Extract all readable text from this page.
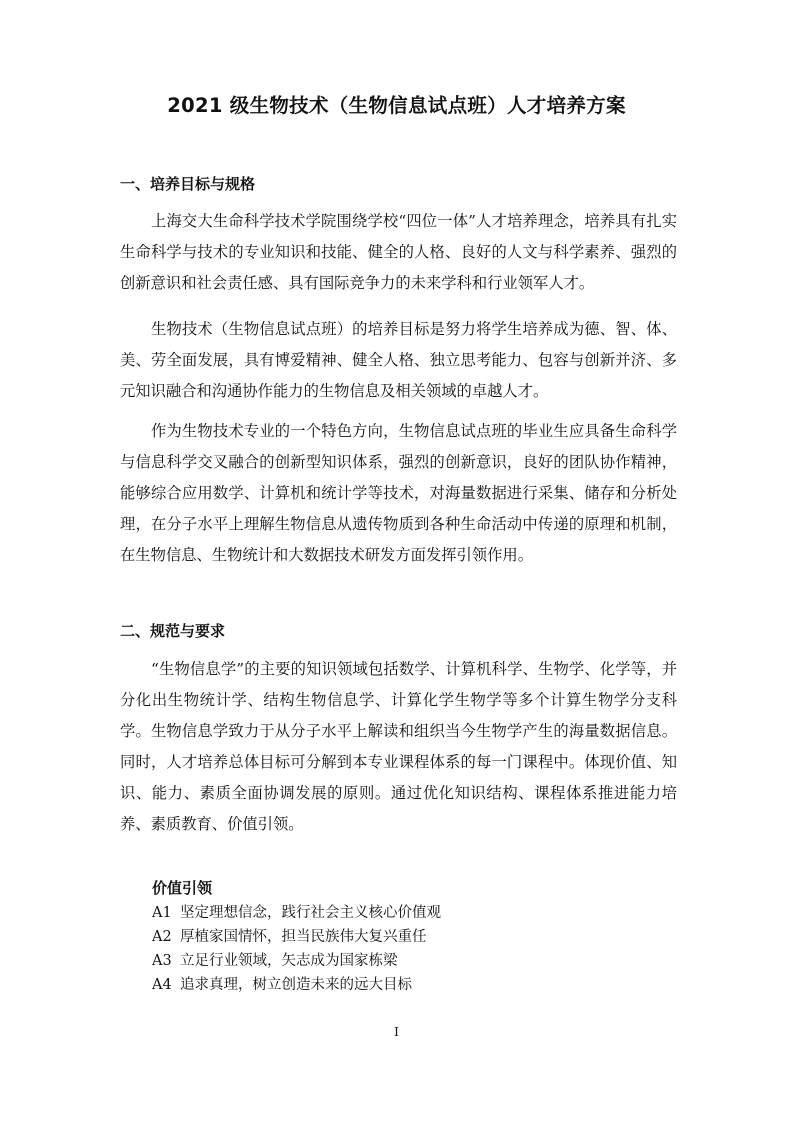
2021 级生物技术（生物信息试点班）人才培养方案
一、培养目标与规格

上海交大生命科学技术学院围绕学校“四位一体”人才培养理念，培养具有扎实生命科学与技术的专业知识和技能、健全的人格、良好的人文与科学素养、强烈的创新意识和社会责任感、具有国际竞争力的未来学科和行业领军人才。

生物技术（生物信息试点班）的培养目标是努力将学生培养成为德、智、体、美、劳全面发展，具有博爱精神、健全人格、独立思考能力、包容与创新并济、多元知识融合和沟通协作能力的生物信息及相关领域的卓越人才。

作为生物技术专业的一个特色方向，生物信息试点班的毕业生应具备生命科学与信息科学交叉融合的创新型知识体系，强烈的创新意识，良好的团队协作精神，能够综合应用数学、计算机和统计学等技术，对海量数据进行采集、储存和分析处理，在分子水平上理解生物信息从遗传物质到各种生命活动中传递的原理和机制，在生物信息、生物统计和大数据技术研发方面发挥引领作用。

二、规范与要求

“生物信息学”的主要的知识领域包括数学、计算机科学、生物学、化学等，并分化出生物统计学、结构生物信息学、计算化学生物学等多个计算生物学分支科学。生物信息学致力于从分子水平上解读和组织当今生物学产生的海量数据信息。同时，人才培养总体目标可分解到本专业课程体系的每一门课程中。体现价值、知识、能力、素质全面协调发展的原则。通过优化知识结构、课程体系推进能力培养、素质教育、价值引领。

价值引领
A1 坚定理想信念，践行社会主义核心价值观
A2 厚植家国情怀，担当民族伟大复兴重任
A3 立足行业领域，矢志成为国家栋梁
A4 追求真理，树立创造未来的远大目标
I
